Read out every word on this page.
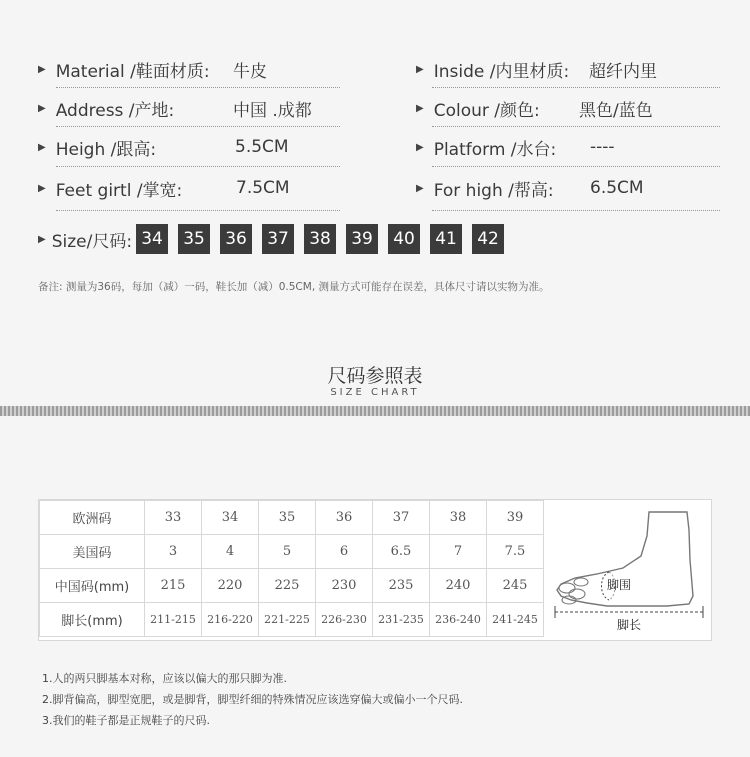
▶ Material /鞋面材质: 牛皮
▶ Address /产地:	中国 .成都
▶ Heigh /跟高:	5.5CM
▶ Feet girtl /掌宽:	7.5CM
▶ Inside /内里材质: 超纤内里
▶ Colour /颜色: 黑色/蓝色
▶ Platform /水台: ----
▶ For high /帮高: 6.5CM
▶ Size/尺码: 34	35	36	37	38	39	40	41	42
备注: 测量为36码，每加（减）一码，鞋长加（减）0.5CM, 测量方式可能存在误差，具体尺寸请以实物为准。
尺码参照表
SIZE CHART
欧洲码	33	34	35	36	37	38	39
美国码	3	4	5	6	6.5	7	7.5
中国码(mm)	215	220	225	230	235	240	245
脚长(mm)	211-215	216-220	221-225	226-230	231-235	236-240	241-245
脚围
脚长
1.人的两只脚基本对称，应该以偏大的那只脚为准.
2.脚背偏高，脚型宽肥，或是脚背，脚型纤细的特殊情况应该选穿偏大或偏小一个尺码.
3.我们的鞋子都是正规鞋子的尺码.
